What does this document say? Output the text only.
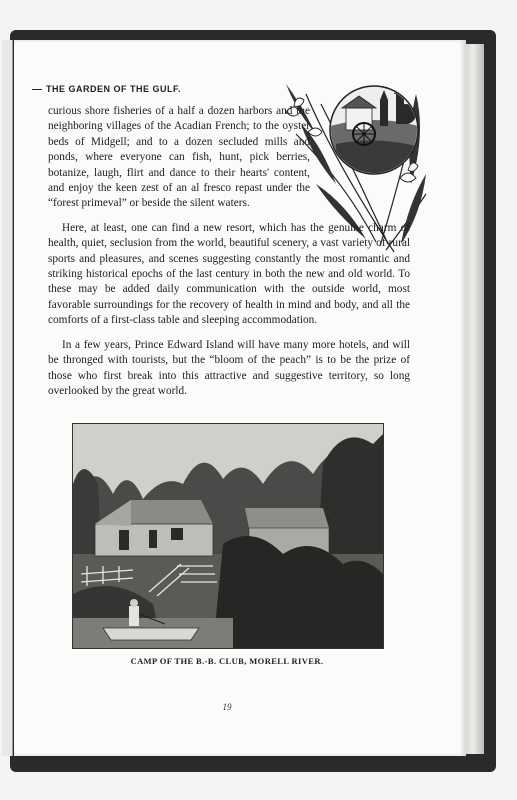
THE GARDEN OF THE GULF.

curious shore fisheries of a half a dozen harbors and the neighboring villages of the Acadian French; to the oyster beds of Midgell; and to a dozen secluded mills and ponds, where everyone can fish, hunt, pick berries, botanize, laugh, flirt and dance to their hearts' content, and enjoy the keen zest of an al fresco repast under the “forest primeval” or beside the silent waters.

Here, at least, one can find a new resort, which has the genuine charm of health, quiet, seclusion from the world, beautiful scenery, a vast variety of rural sports and pleasures, and scenes suggesting constantly the most romantic and striking historical epochs of the last century in both the new and old world. To these may be added daily communication with the outside world, most favorable surroundings for the recovery of health in mind and body, and all the comforts of a first-class table and sleeping accommodation.

In a few years, Prince Edward Island will have many more hotels, and will be thronged with tourists, but the “bloom of the peach” is to be the prize of those who first break into this attractive and suggestive territory, so long overlooked by the great world.

CAMP OF THE B.-B. CLUB, MORELL RIVER.
19
